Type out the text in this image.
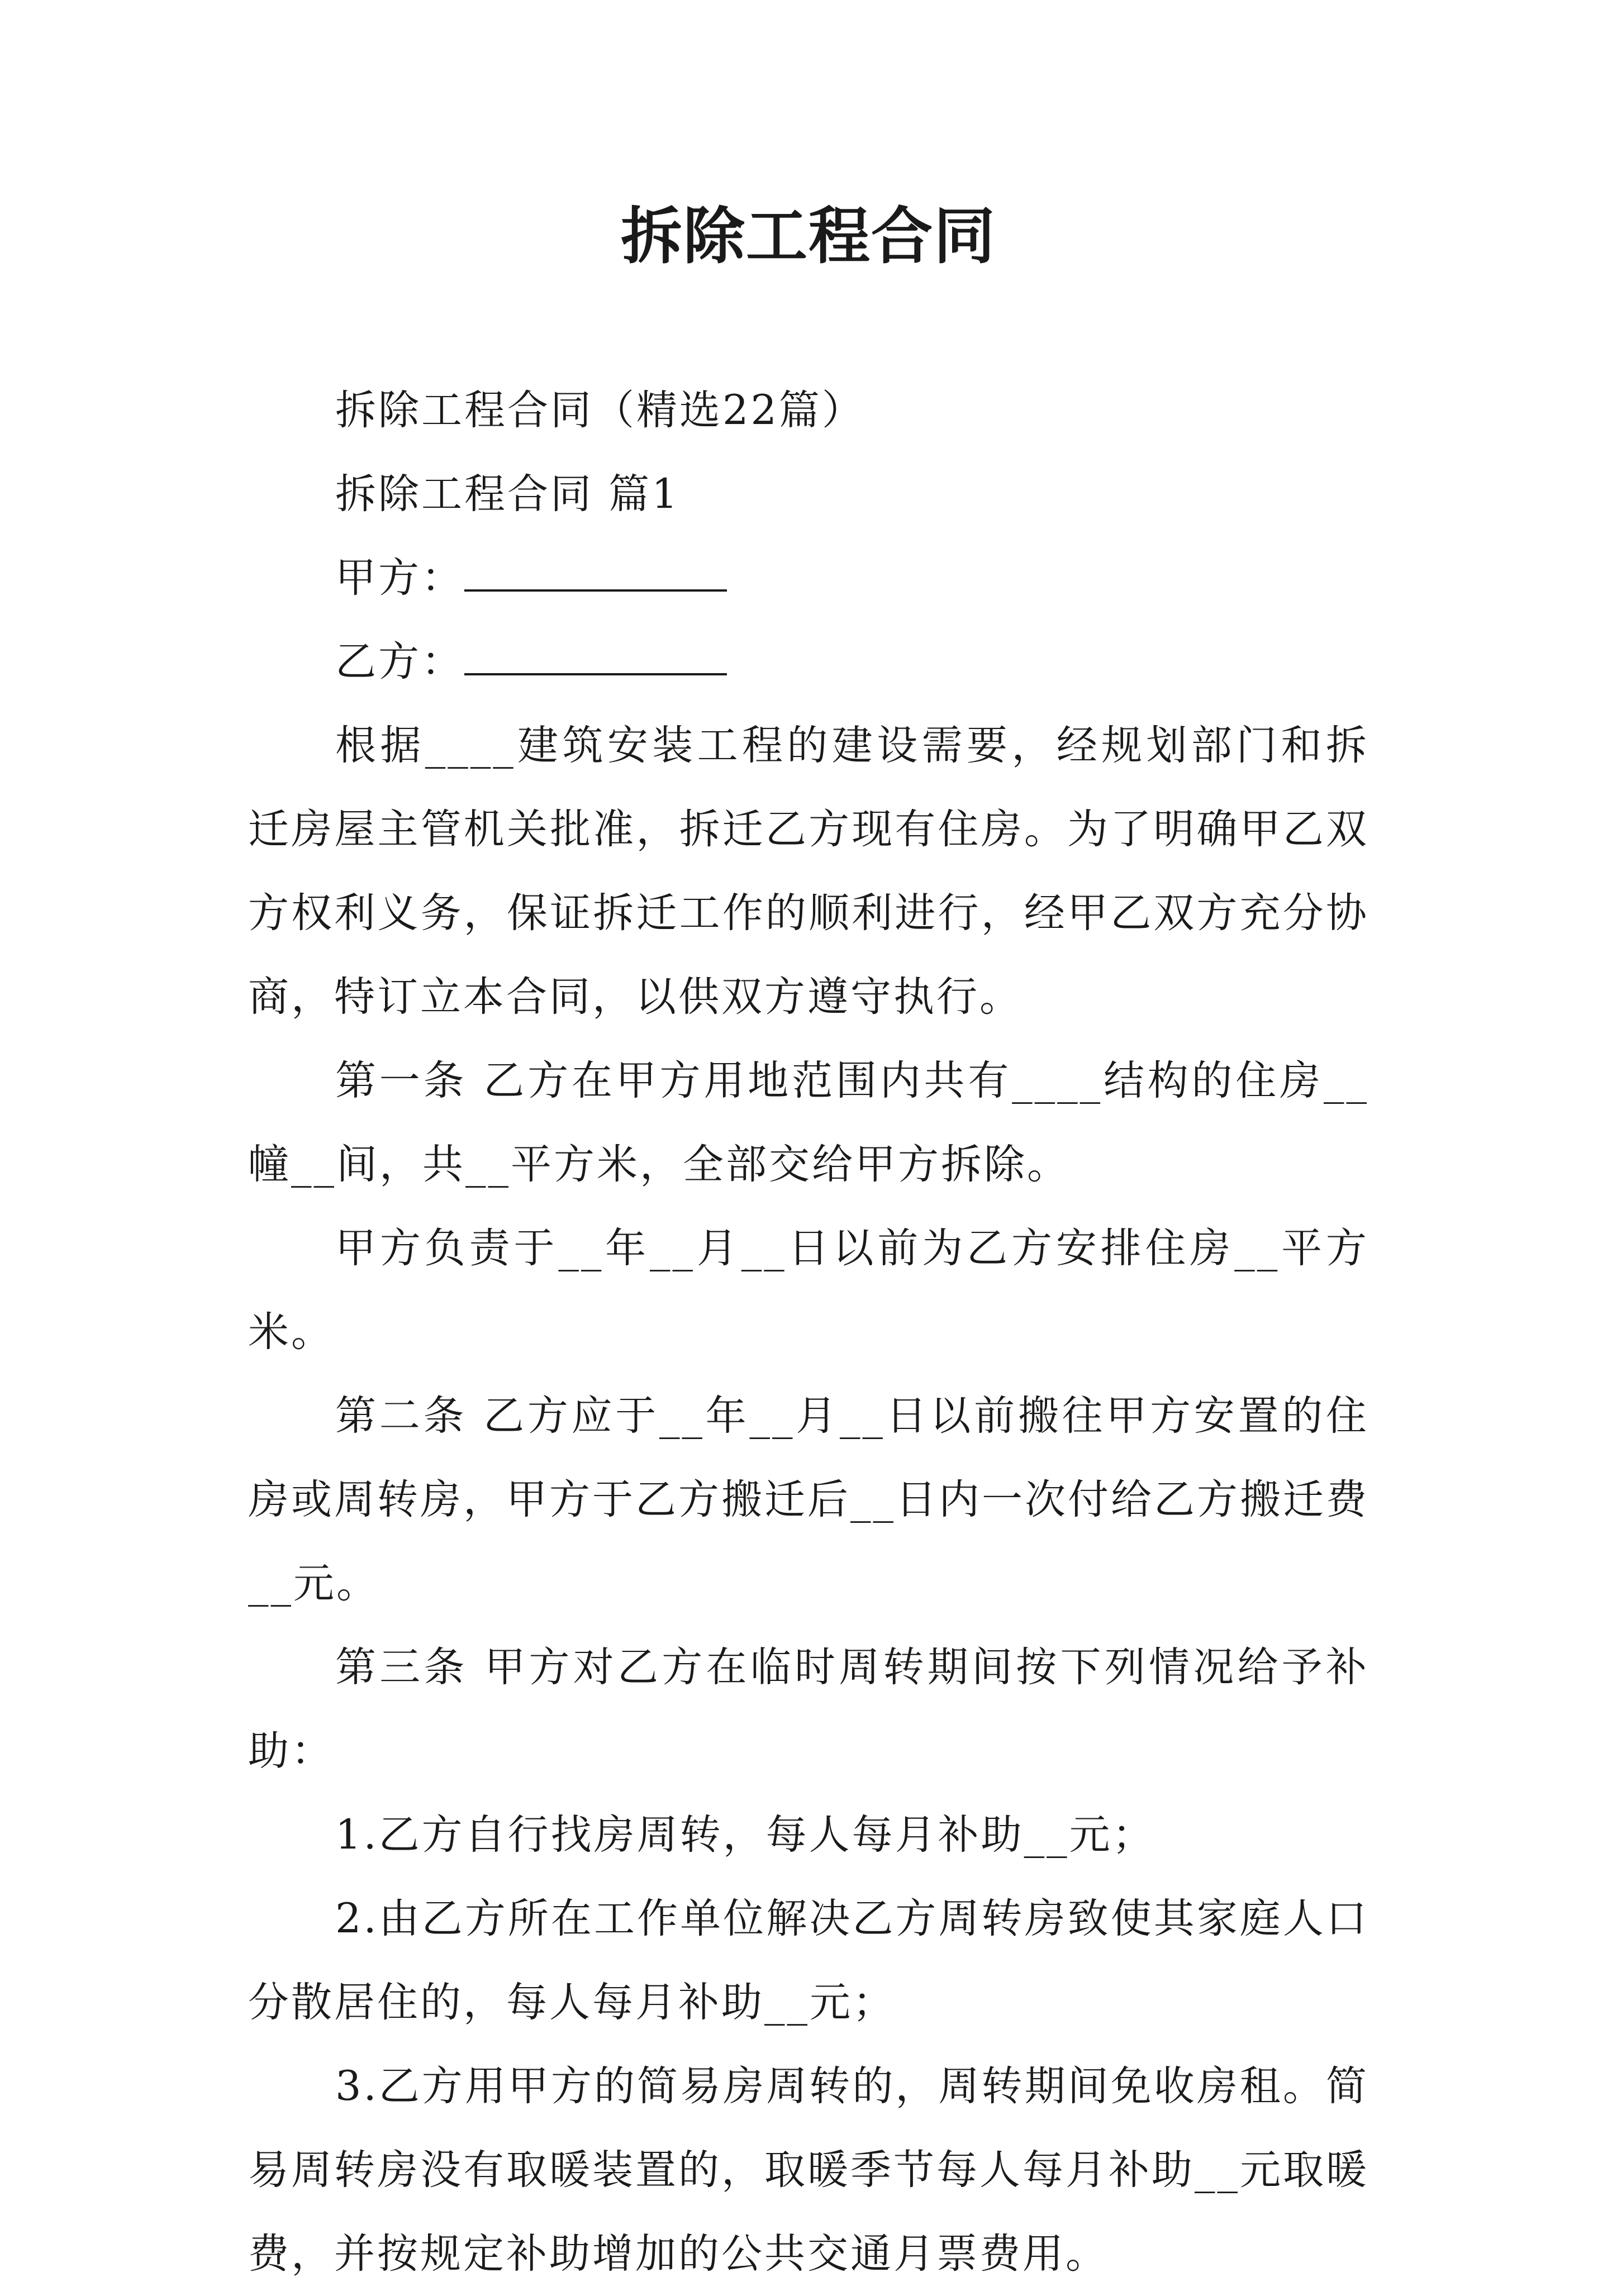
拆除工程合同

拆除工程合同（精选22篇）

拆除工程合同 篇1

甲方：

乙方：

根据____建筑安装工程的建设需要，经规划部门和拆迁房屋主管机关批准，拆迁乙方现有住房。为了明确甲乙双方权利义务，保证拆迁工作的顺利进行，经甲乙双方充分协商，特订立本合同，以供双方遵守执行。

第一条 乙方在甲方用地范围内共有____结构的住房__幢__间，共__平方米，全部交给甲方拆除。

甲方负责于__年__月__日以前为乙方安排住房__平方米。

第二条 乙方应于__年__月__日以前搬往甲方安置的住房或周转房，甲方于乙方搬迁后__日内一次付给乙方搬迁费__元。

第三条 甲方对乙方在临时周转期间按下列情况给予补助：

1.乙方自行找房周转，每人每月补助__元；

2.由乙方所在工作单位解决乙方周转房致使其家庭人口分散居住的，每人每月补助__元；

3.乙方用甲方的简易房周转的，周转期间免收房租。简易周转房没有取暖装置的，取暖季节每人每月补助__元取暖费，并按规定补助增加的公共交通月票费用。
